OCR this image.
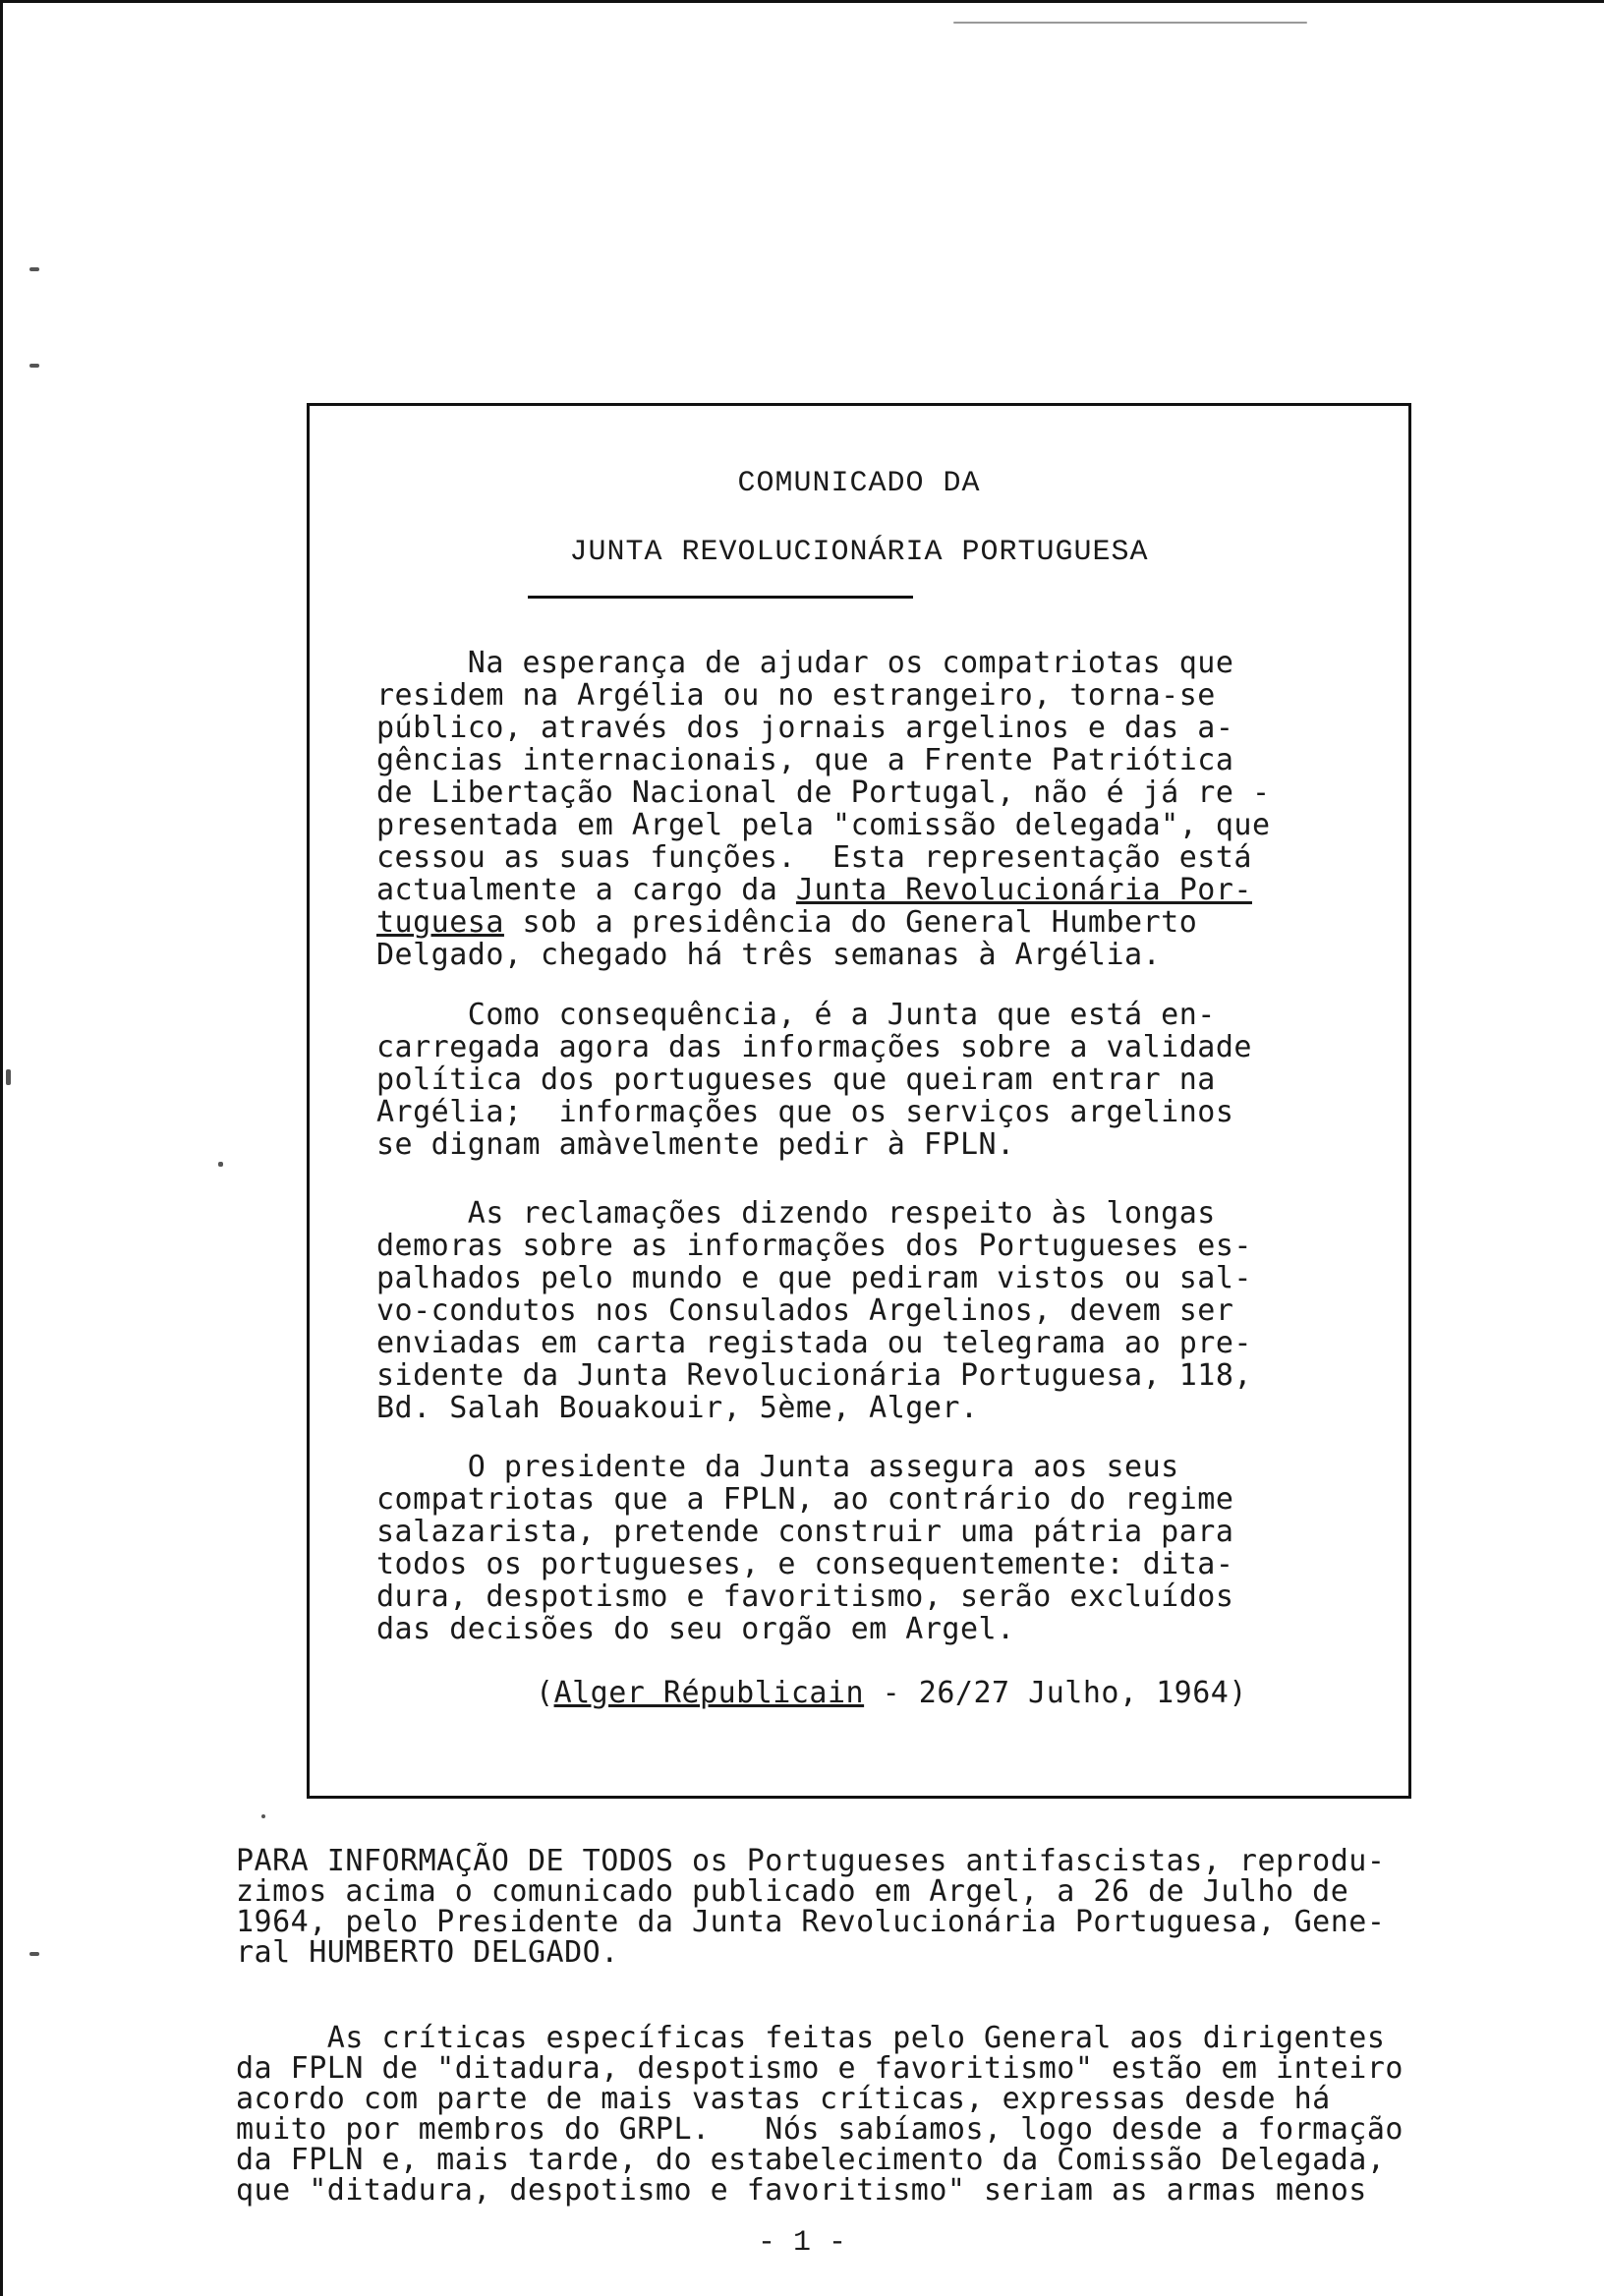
COMUNICADO DA
JUNTA REVOLUCIONÁRIA PORTUGUESA
Na esperança de ajudar os compatriotas que
residem na Argélia ou no estrangeiro, torna-se
público, através dos jornais argelinos e das a-
gências internacionais, que a Frente Patriótica
de Libertação Nacional de Portugal, não é já re -
presentada em Argel pela "comissão delegada", que
cessou as suas funções.  Esta representação está
actualmente a cargo da Junta Revolucionária Por-
tuguesa sob a presidência do General Humberto
Delgado, chegado há três semanas à Argélia.
Como consequência, é a Junta que está en-
carregada agora das informações sobre a validade
política dos portugueses que queiram entrar na
Argélia;  informações que os serviços argelinos
se dignam amàvelmente pedir à FPLN.
As reclamações dizendo respeito às longas
demoras sobre as informações dos Portugueses es-
palhados pelo mundo e que pediram vistos ou sal-
vo-condutos nos Consulados Argelinos, devem ser
enviadas em carta registada ou telegrama ao pre-
sidente da Junta Revolucionária Portuguesa, 118,
Bd. Salah Bouakouir, 5ème, Alger.
O presidente da Junta assegura aos seus
compatriotas que a FPLN, ao contrário do regime
salazarista, pretende construir uma pátria para
todos os portugueses, e consequentemente: dita-
dura, despotismo e favoritismo, serão excluídos
das decisões do seu orgão em Argel.
(Alger Républicain - 26/27 Julho, 1964)
PARA INFORMAÇÃO DE TODOS os Portugueses antifascistas, reprodu-
zimos acima o comunicado publicado em Argel, a 26 de Julho de
1964, pelo Presidente da Junta Revolucionária Portuguesa, Gene-
ral HUMBERTO DELGADO.
As críticas específicas feitas pelo General aos dirigentes
da FPLN de "ditadura, despotismo e favoritismo" estão em inteiro
acordo com parte de mais vastas críticas, expressas desde há
muito por membros do GRPL.   Nós sabíamos, logo desde a formação
da FPLN e, mais tarde, do estabelecimento da Comissão Delegada,
que "ditadura, despotismo e favoritismo" seriam as armas menos
- 1 -
